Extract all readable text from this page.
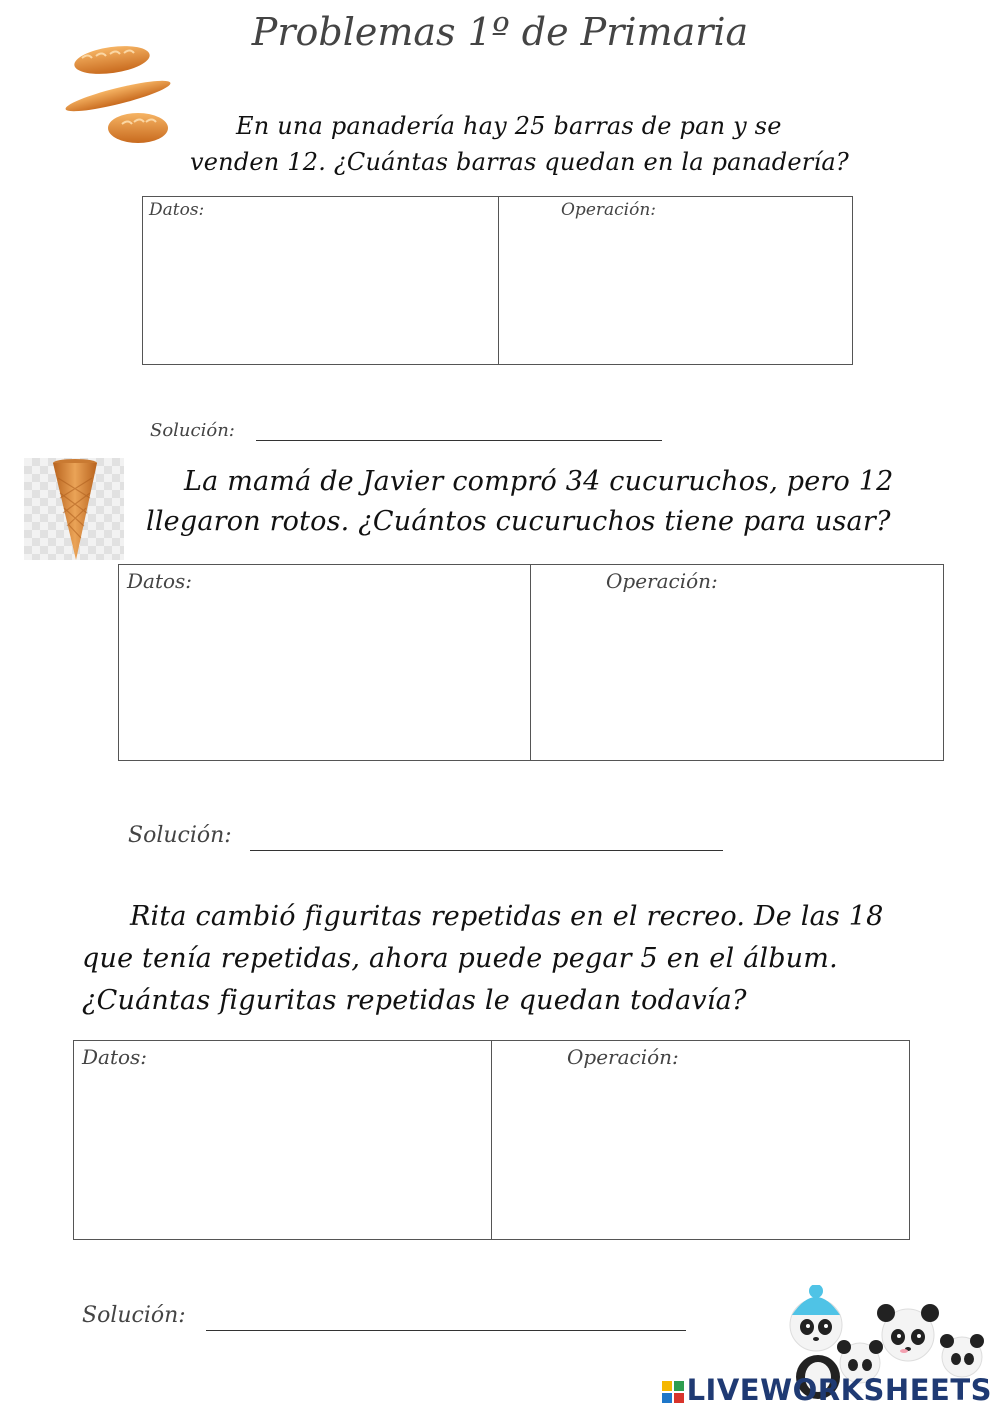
Problemas 1º de Primaria
En una panadería hay 25 barras de pan y se venden 12. ¿Cuántas barras quedan en la panadería?
Datos:	Operación:
Solución:
La mamá de Javier compró 34 cucuruchos, pero 12 llegaron rotos. ¿Cuántos cucuruchos tiene para usar?
Datos:	Operación:
Solución:
Rita cambió figuritas repetidas en el recreo. De las 18 que tenía repetidas, ahora puede pegar 5 en el álbum. ¿Cuántas figuritas repetidas le quedan todavía?
Datos:	Operación:
Solución:
LIVEWORKSHEETS
